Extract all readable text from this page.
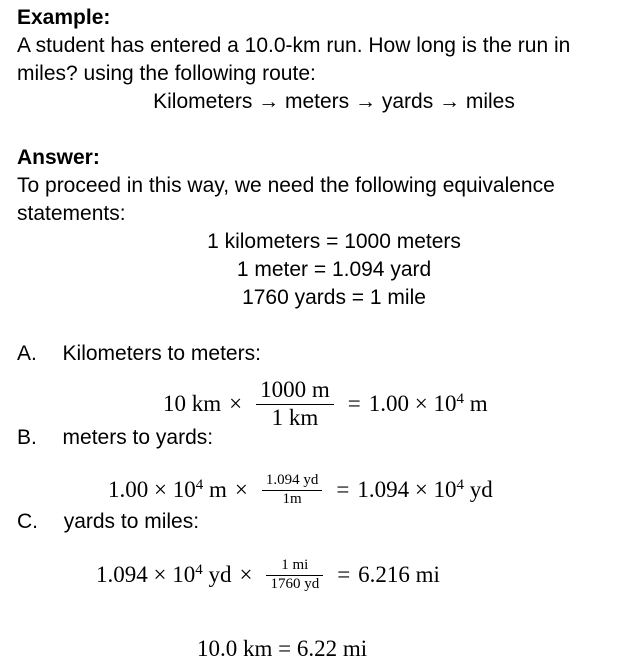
Example:
A student has entered a 10.0-km run. How long is the run in
miles? using the following route:
Kilometers → meters → yards → miles
Answer:
To proceed in this way, we need the following equivalence
statements:
1 kilometers = 1000 meters
1 meter = 1.094 yard
1760 yards = 1 mile
A. Kilometers to meters:
10 km × $\frac{1000 m}{1 km} = 1.00 \times 10^4$ m
B. meters to yards:
$1.00 \times 10^4$ $m \times \frac{1.094 yd}{1m} = 1.094 \times 10^4$ yd
C. yards to miles:
$1.094 \times 10^4$ yd × $\frac{1 mi}{1760 yd} = 6.216$ mi
10.0 km = 6.22 mi
